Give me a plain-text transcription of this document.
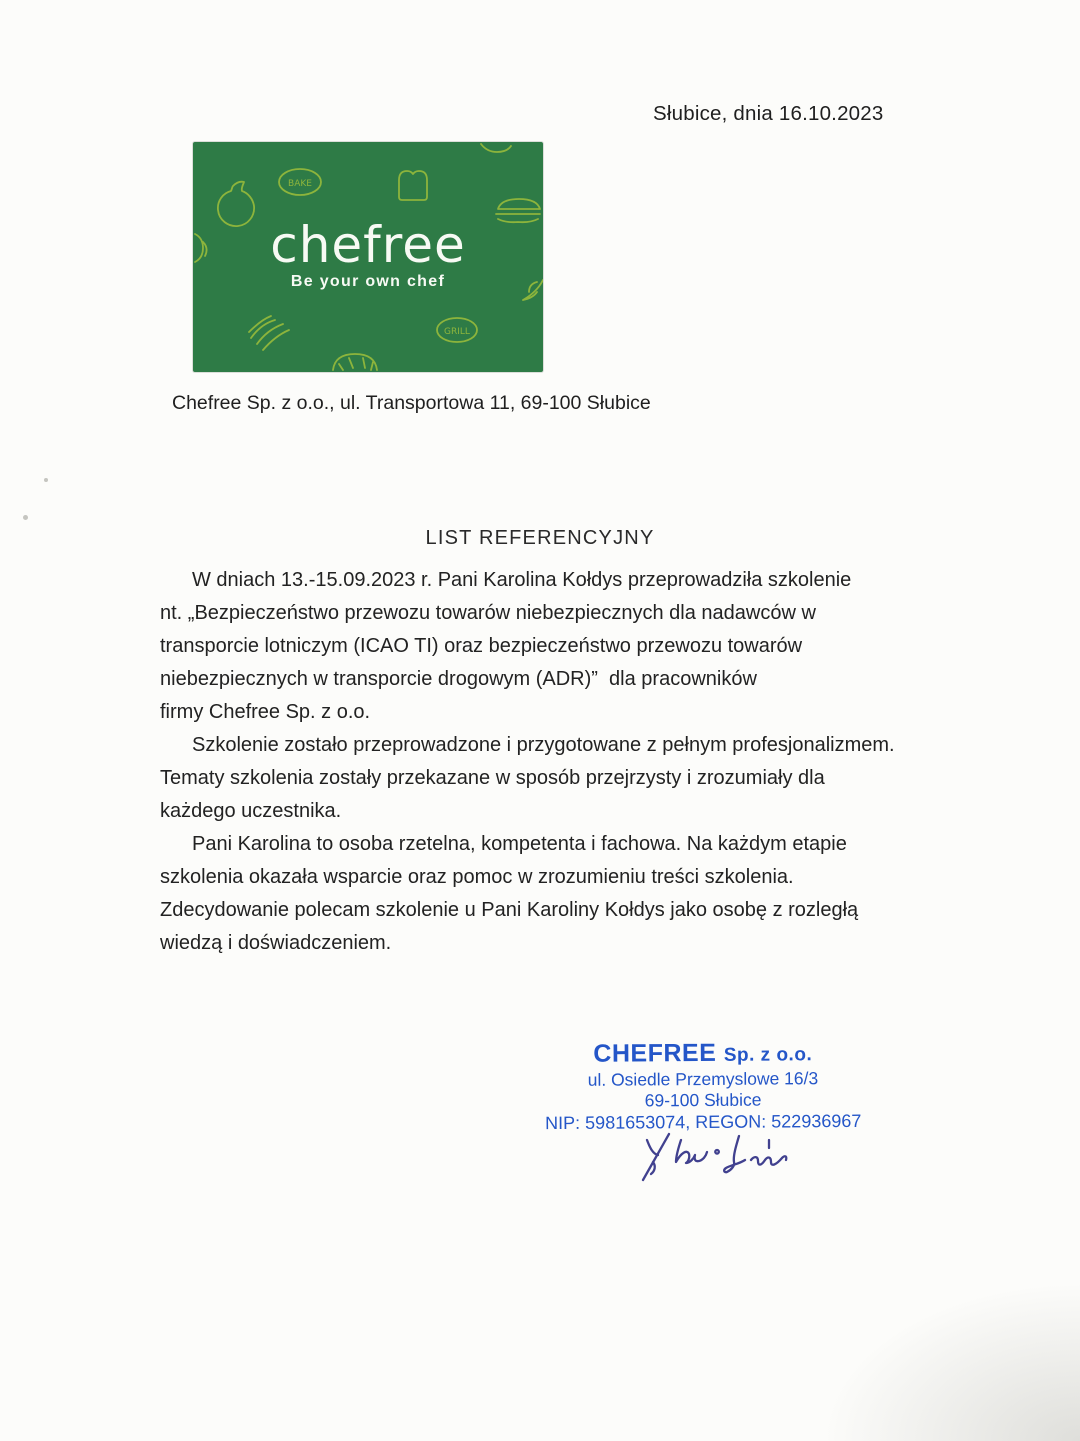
Słubice, dnia 16.10.2023
BAKE
GRILL
chefree
Be your own chef
Chefree Sp. z o.o., ul. Transportowa 11, 69-100 Słubice
LIST REFERENCYJNY

W dniach 13.-15.09.2023 r. Pani Karolina Kołdys przeprowadziła szkolenie
nt. „Bezpieczeństwo przewozu towarów niebezpiecznych dla nadawców w
transporcie lotniczym (ICAO TI) oraz bezpieczeństwo przewozu towarów
niebezpiecznych w transporcie drogowym (ADR)”  dla pracowników
firmy Chefree Sp. z o.o.

Szkolenie zostało przeprowadzone i przygotowane z pełnym profesjonalizmem.
Tematy szkolenia zostały przekazane w sposób przejrzysty i zrozumiały dla
każdego uczestnika.

Pani Karolina to osoba rzetelna, kompetenta i fachowa. Na każdym etapie
szkolenia okazała wsparcie oraz pomoc w zrozumieniu treści szkolenia.
Zdecydowanie polecam szkolenie u Pani Karoliny Kołdys jako osobę z rozległą
wiedzą i doświadczeniem.

CHEFREE Sp. z o.o.
ul. Osiedle Przemyslowe 16/3
69-100 Słubice
NIP: 5981653074, REGON: 522936967
